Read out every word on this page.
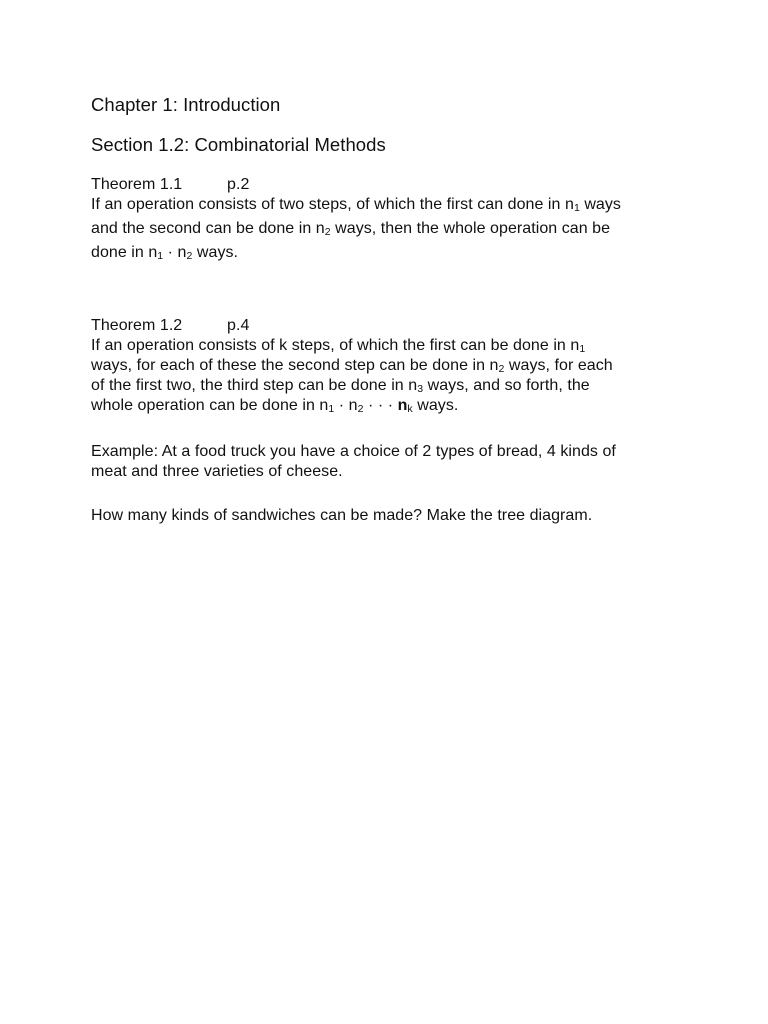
Chapter 1: Introduction

Section 1.2: Combinatorial Methods

Theorem 1.1	p.2
If an operation consists of two steps, of which the first can done in $n_1$ ways
and the second can be done in $n_2$ ways, then the whole operation can be
done in $n_1 \cdot n_2$ ways.
Theorem 1.2	p.4
If an operation consists of k steps, of which the first can be done in $n_1$
ways, for each of these the second step can be done in $n_2$ ways, for each
of the first two, the third step can be done in $n_3$ ways, and so forth, the
whole operation can be done in $n_1 \cdot n_2$ · · · $n_k$ ways.
Example: At a food truck you have a choice of 2 types of bread, 4 kinds of
meat and three varieties of cheese.
How many kinds of sandwiches can be made? Make the tree diagram.
